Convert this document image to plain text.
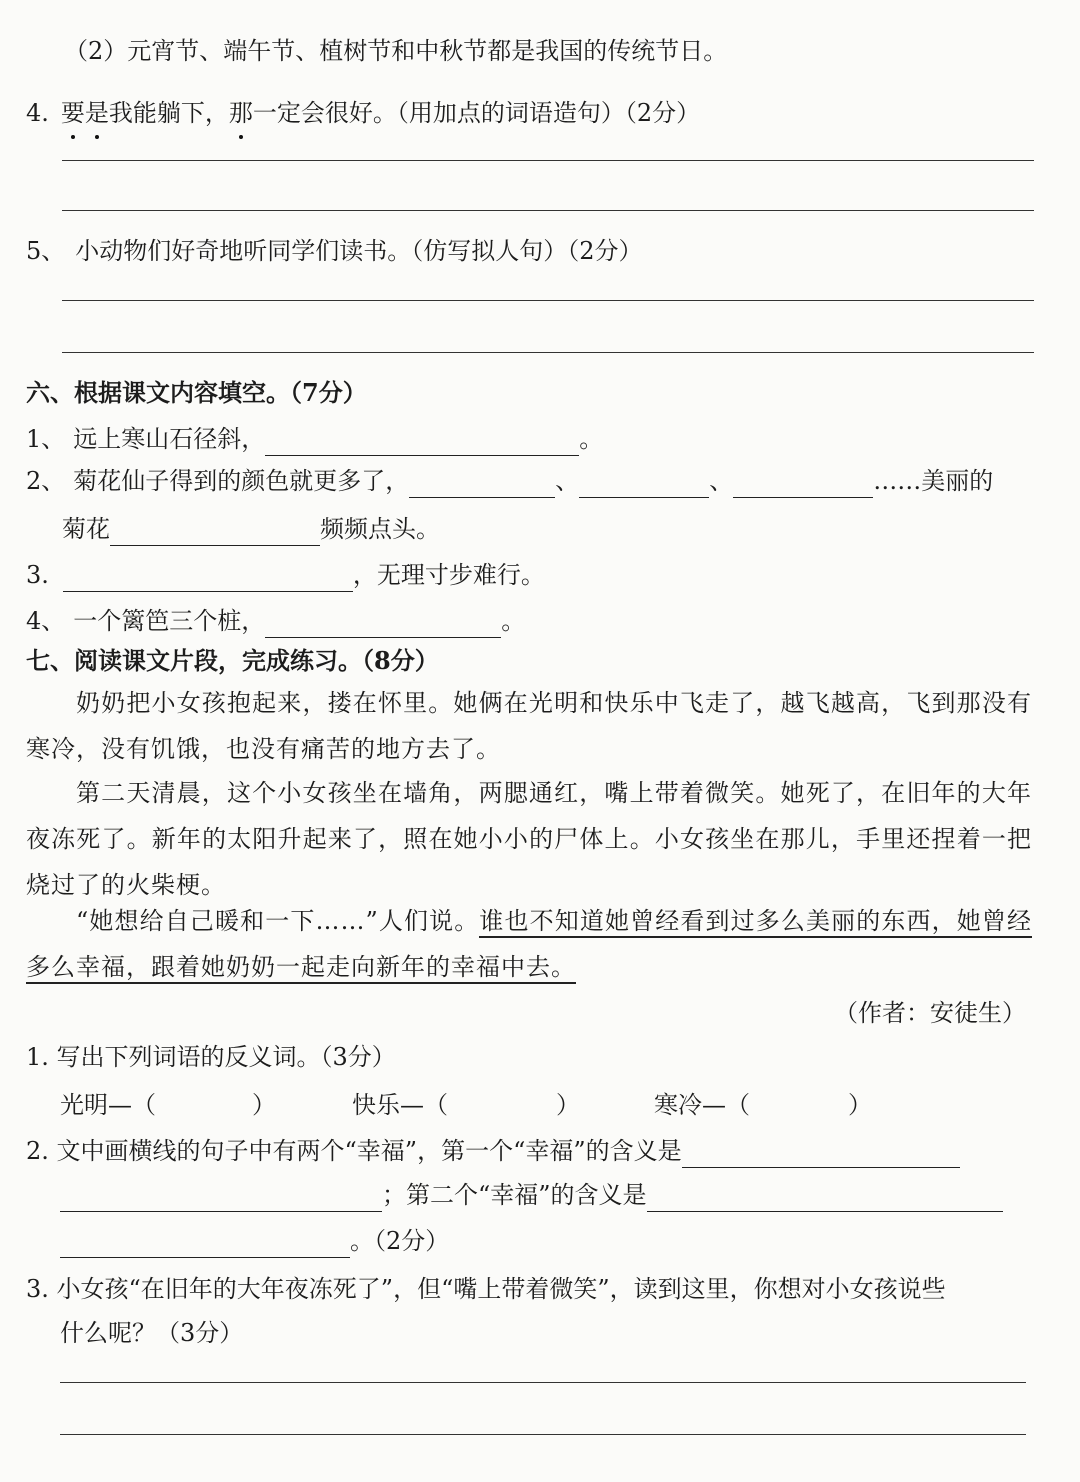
（2）元宵节、端午节、植树节和中秋节都是我国的传统节日。
4. 要是我能躺下，那一定会很好。（用加点的词语造句）（2分）
5、 小动物们好奇地听同学们读书。（仿写拟人句）（2分）
六、根据课文内容填空。（7分）
1、 远上寒山石径斜，	。
2、 菊花仙子得到的颜色就更多了，	、	、	……美丽的
菊花	频频点头。
3.	，无理寸步难行。
4、 一个篱笆三个桩，	。
七、阅读课文片段，完成练习。（8分）
奶奶把小女孩抱起来，搂在怀里。她俩在光明和快乐中飞走了，越飞越高，飞到那没有寒冷，没有饥饿，也没有痛苦的地方去了。
第二天清晨，这个小女孩坐在墙角，两腮通红，嘴上带着微笑。她死了，在旧年的大年夜冻死了。新年的太阳升起来了，照在她小小的尸体上。小女孩坐在那儿，手里还捏着一把烧过了的火柴梗。
“她想给自己暖和一下……”人们说。谁也不知道她曾经看到过多么美丽的东西，她曾经多么幸福，跟着她奶奶一起走向新年的幸福中去。
（作者：安徒生）
1. 写出下列词语的反义词。（3分）
光明—（	）	快乐—（	）	寒冷—（	）
2. 文中画横线的句子中有两个“幸福”，第一个“幸福”的含义是
；第二个“幸福”的含义是
。（2分）
3. 小女孩“在旧年的大年夜冻死了”，但“嘴上带着微笑”，读到这里，你想对小女孩说些
什么呢？（3分）
